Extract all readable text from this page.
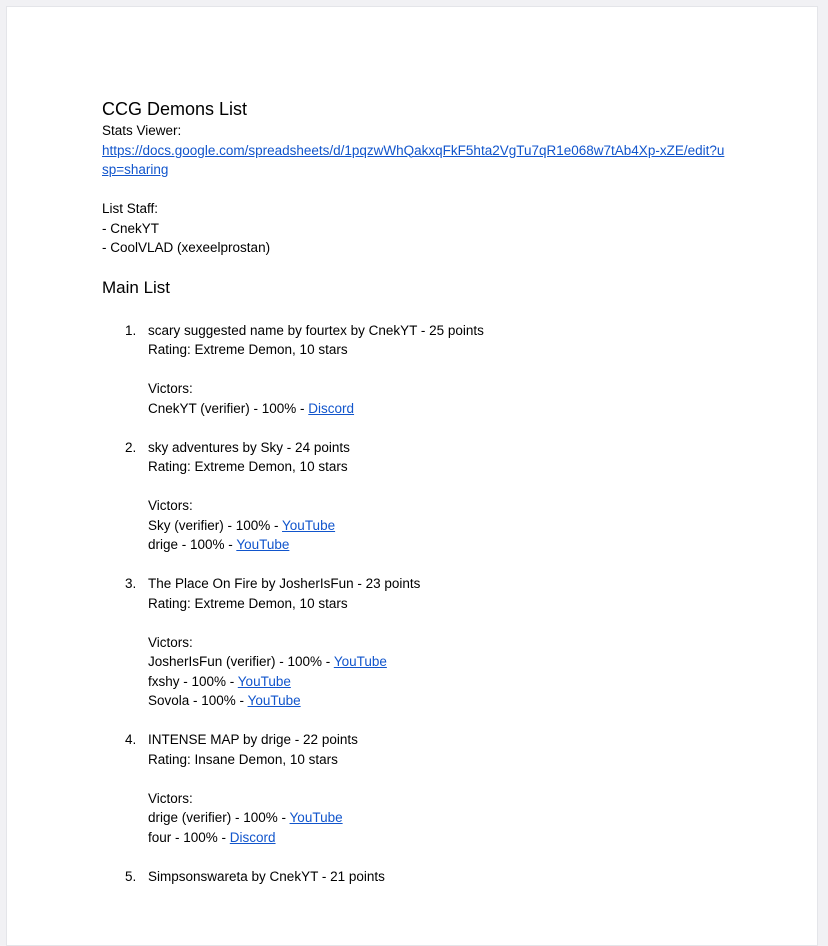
CCG Demons List
Stats Viewer:
https://docs.google.com/spreadsheets/d/1pqzwWhQakxqFkF5hta2VgTu7qR1e068w7tAb4Xp-xZE/edit?usp=sharing
List Staff:
- CnekYT
- CoolVLAD (xexeelprostan)
Main List
1. scary suggested name by fourtex by CnekYT - 25 points
Rating: Extreme Demon, 10 stars
Victors:
CnekYT (verifier) - 100% - Discord
2. sky adventures by Sky - 24 points
Rating: Extreme Demon, 10 stars
Victors:
Sky (verifier) - 100% - YouTube
drige - 100% - YouTube
3. The Place On Fire by JosherIsFun - 23 points
Rating: Extreme Demon, 10 stars
Victors:
JosherIsFun (verifier) - 100% - YouTube
fxshy - 100% - YouTube
Sovola - 100% - YouTube
4. INTENSE MAP by drige - 22 points
Rating: Insane Demon, 10 stars
Victors:
drige (verifier) - 100% - YouTube
four - 100% - Discord
5. Simpsonswareta by CnekYT - 21 points
